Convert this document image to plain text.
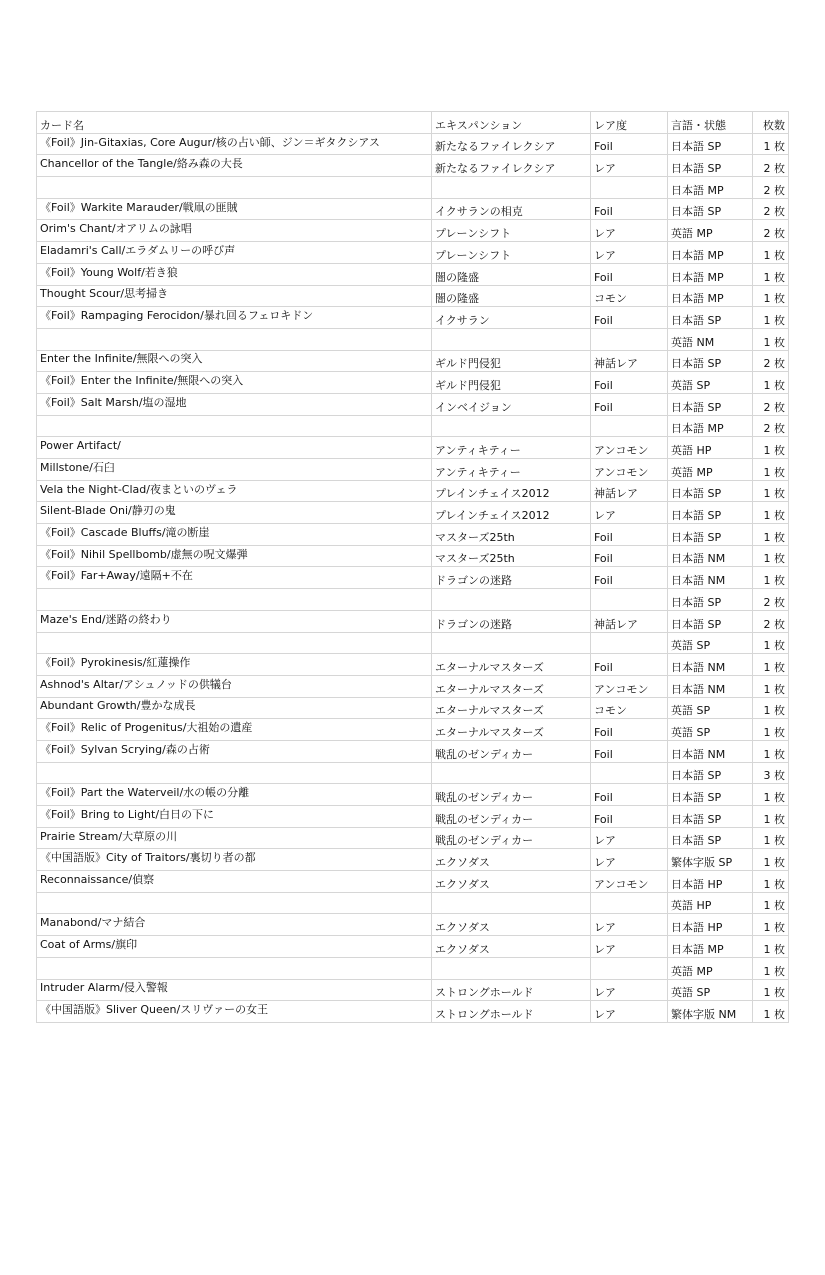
カード名	エキスパンション	レア度	言語・状態	枚数
《Foil》Jin-Gitaxias, Core Augur/核の占い師、ジン＝ギタクシアス	新たなるファイレクシア	Foil	日本語 SP	1 枚
Chancellor of the Tangle/絡み森の大長	新たなるファイレクシア	レア	日本語 SP	2 枚
			日本語 MP	2 枚
《Foil》Warkite Marauder/戦凧の匪賊	イクサランの相克	Foil	日本語 SP	2 枚
Orim's Chant/オアリムの詠唱	プレーンシフト	レア	英語 MP	2 枚
Eladamri's Call/エラダムリーの呼び声	プレーンシフト	レア	日本語 MP	1 枚
《Foil》Young Wolf/若き狼	闇の隆盛	Foil	日本語 MP	1 枚
Thought Scour/思考掃き	闇の隆盛	コモン	日本語 MP	1 枚
《Foil》Rampaging Ferocidon/暴れ回るフェロキドン	イクサラン	Foil	日本語 SP	1 枚
			英語 NM	1 枚
Enter the Infinite/無限への突入	ギルド門侵犯	神話レア	日本語 SP	2 枚
《Foil》Enter the Infinite/無限への突入	ギルド門侵犯	Foil	英語 SP	1 枚
《Foil》Salt Marsh/塩の湿地	インベイジョン	Foil	日本語 SP	2 枚
			日本語 MP	2 枚
Power Artifact/	アンティキティー	アンコモン	英語 HP	1 枚
Millstone/石臼	アンティキティー	アンコモン	英語 MP	1 枚
Vela the Night-Clad/夜まといのヴェラ	プレインチェイス2012	神話レア	日本語 SP	1 枚
Silent-Blade Oni/静刃の鬼	プレインチェイス2012	レア	日本語 SP	1 枚
《Foil》Cascade Bluffs/滝の断崖	マスターズ25th	Foil	日本語 SP	1 枚
《Foil》Nihil Spellbomb/虚無の呪文爆弾	マスターズ25th	Foil	日本語 NM	1 枚
《Foil》Far+Away/遠隔+不在	ドラゴンの迷路	Foil	日本語 NM	1 枚
			日本語 SP	2 枚
Maze's End/迷路の終わり	ドラゴンの迷路	神話レア	日本語 SP	2 枚
			英語 SP	1 枚
《Foil》Pyrokinesis/紅蓮操作	エターナルマスターズ	Foil	日本語 NM	1 枚
Ashnod's Altar/アシュノッドの供犠台	エターナルマスターズ	アンコモン	日本語 NM	1 枚
Abundant Growth/豊かな成長	エターナルマスターズ	コモン	英語 SP	1 枚
《Foil》Relic of Progenitus/大祖始の遺産	エターナルマスターズ	Foil	英語 SP	1 枚
《Foil》Sylvan Scrying/森の占術	戦乱のゼンディカー	Foil	日本語 NM	1 枚
			日本語 SP	3 枚
《Foil》Part the Waterveil/水の帳の分離	戦乱のゼンディカー	Foil	日本語 SP	1 枚
《Foil》Bring to Light/白日の下に	戦乱のゼンディカー	Foil	日本語 SP	1 枚
Prairie Stream/大草原の川	戦乱のゼンディカー	レア	日本語 SP	1 枚
《中国語版》City of Traitors/裏切り者の都	エクソダス	レア	繁体字版 SP	1 枚
Reconnaissance/偵察	エクソダス	アンコモン	日本語 HP	1 枚
			英語 HP	1 枚
Manabond/マナ結合	エクソダス	レア	日本語 HP	1 枚
Coat of Arms/旗印	エクソダス	レア	日本語 MP	1 枚
			英語 MP	1 枚
Intruder Alarm/侵入警報	ストロングホールド	レア	英語 SP	1 枚
《中国語版》Sliver Queen/スリヴァーの女王	ストロングホールド	レア	繁体字版 NM	1 枚
